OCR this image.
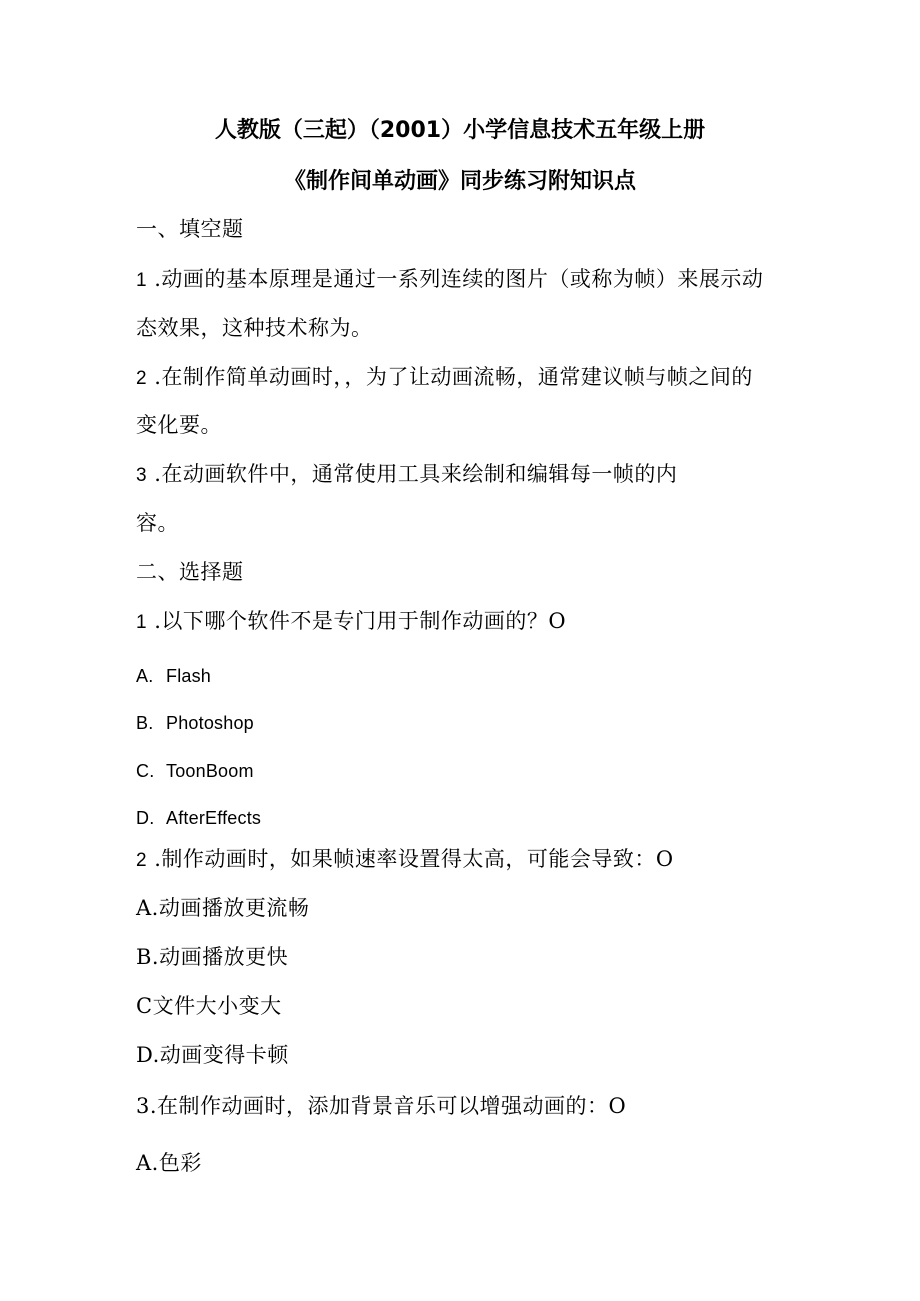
人教版（三起）（2001）小学信息技术五年级上册
《制作间单动画》同步练习附知识点
一、填空题
1 .动画的基本原理是通过一系列连续的图片（或称为帧）来展示动
态效果，这种技术称为。
2 .在制作简单动画时，，为了让动画流畅，通常建议帧与帧之间的
变化要。
3 .在动画软件中，通常使用工具来绘制和编辑每一帧的内
容。
二、选择题
1 .以下哪个软件不是专门用于制作动画的？O
A. Flash
B. Photoshop
C. ToonBoom
D. AfterEffects
2 .制作动画时，如果帧速率设置得太高，可能会导致：O
A.动画播放更流畅
B.动画播放更快
C文件大小变大
D.动画变得卡顿
3.在制作动画时，添加背景音乐可以增强动画的：O
A.色彩
